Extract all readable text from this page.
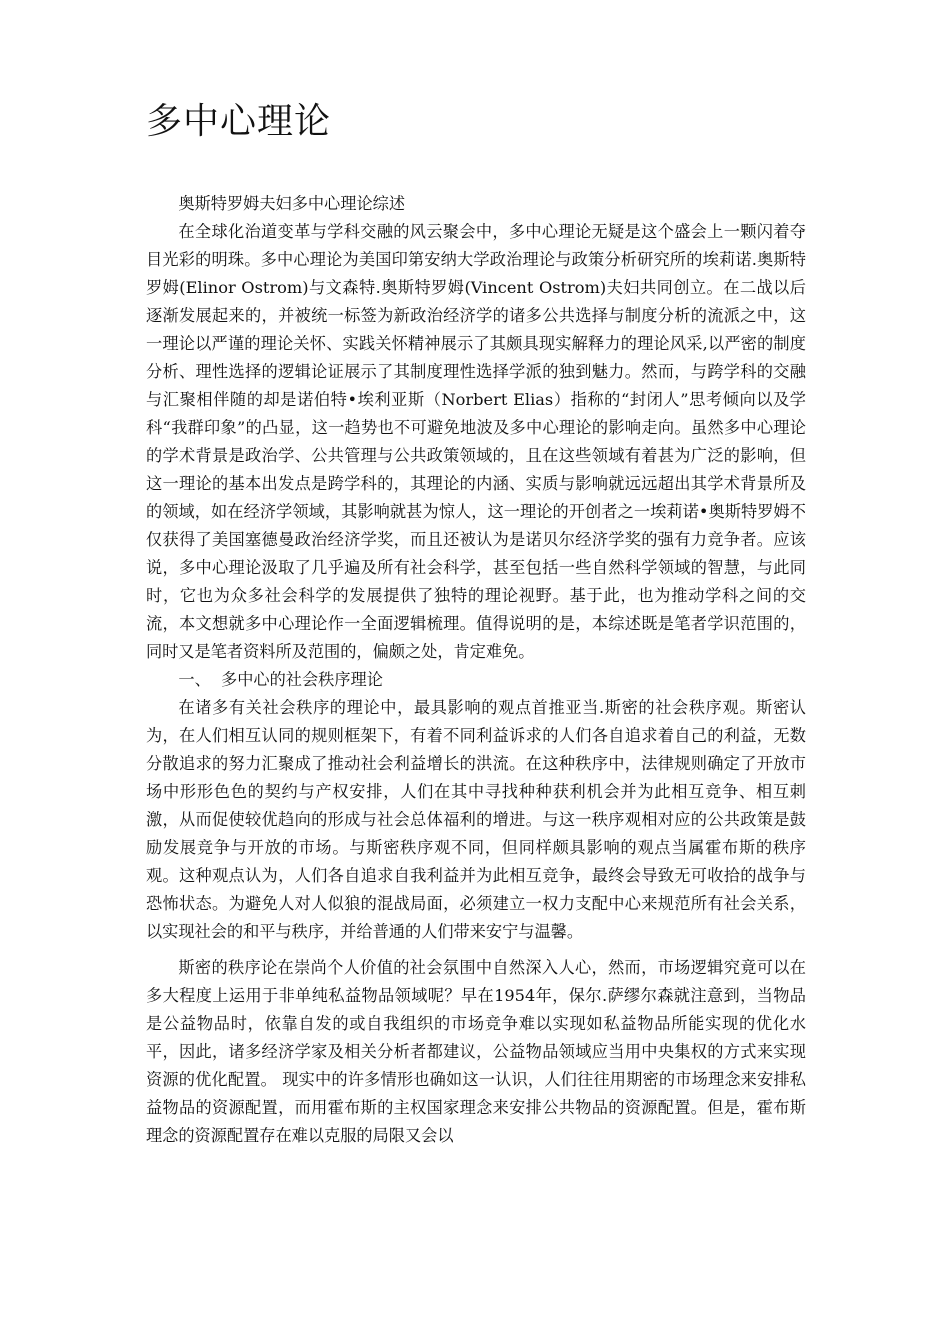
多中心理论

奥斯特罗姆夫妇多中心理论综述

在全球化治道变革与学科交融的风云聚会中，多中心理论无疑是这个盛会上一颗闪着夺目光彩的明珠。多中心理论为美国印第安纳大学政治理论与政策分析研究所的埃莉诺.奥斯特罗姆(Elinor Ostrom)与文森特.奥斯特罗姆(Vincent Ostrom)夫妇共同创立。在二战以后逐渐发展起来的，并被统一标签为新政治经济学的诸多公共选择与制度分析的流派之中，这一理论以严谨的理论关怀、实践关怀精神展示了其颇具现实解释力的理论风采,以严密的制度分析、理性选择的逻辑论证展示了其制度理性选择学派的独到魅力。然而，与跨学科的交融与汇聚相伴随的却是诺伯特•埃利亚斯（Norbert Elias）指称的“封闭人”思考倾向以及学科“我群印象”的凸显，这一趋势也不可避免地波及多中心理论的影响走向。虽然多中心理论的学术背景是政治学、公共管理与公共政策领域的，且在这些领域有着甚为广泛的影响，但这一理论的基本出发点是跨学科的，其理论的内涵、实质与影响就远远超出其学术背景所及的领域，如在经济学领域，其影响就甚为惊人，这一理论的开创者之一埃莉诺•奥斯特罗姆不仅获得了美国塞德曼政治经济学奖，而且还被认为是诺贝尔经济学奖的强有力竞争者。应该说，多中心理论汲取了几乎遍及所有社会科学，甚至包括一些自然科学领域的智慧，与此同时，它也为众多社会科学的发展提供了独特的理论视野。基于此，也为推动学科之间的交流，本文想就多中心理论作一全面逻辑梳理。值得说明的是，本综述既是笔者学识范围的，同时又是笔者资料所及范围的，偏颇之处，肯定难免。

一、  多中心的社会秩序理论

在诸多有关社会秩序的理论中，最具影响的观点首推亚当.斯密的社会秩序观。斯密认为，在人们相互认同的规则框架下，有着不同利益诉求的人们各自追求着自己的利益，无数分散追求的努力汇聚成了推动社会利益增长的洪流。在这种秩序中，法律规则确定了开放市场中形形色色的契约与产权安排，人们在其中寻找种种获利机会并为此相互竞争、相互刺激，从而促使较优趋向的形成与社会总体福利的增进。与这一秩序观相对应的公共政策是鼓励发展竞争与开放的市场。与斯密秩序观不同，但同样颇具影响的观点当属霍布斯的秩序观。这种观点认为，人们各自追求自我利益并为此相互竞争，最终会导致无可收拾的战争与恐怖状态。为避免人对人似狼的混战局面，必须建立一权力支配中心来规范所有社会关系，以实现社会的和平与秩序，并给普通的人们带来安宁与温馨。

斯密的秩序论在崇尚个人价值的社会氛围中自然深入人心，然而，市场逻辑究竟可以在多大程度上运用于非单纯私益物品领域呢？早在1954年，保尔.萨缪尔森就注意到，当物品是公益物品时，依靠自发的或自我组织的市场竞争难以实现如私益物品所能实现的优化水平，因此，诸多经济学家及相关分析者都建议，公益物品领域应当用中央集权的方式来实现资源的优化配置。 现实中的许多情形也确如这一认识，人们往往用期密的市场理念来安排私益物品的资源配置，而用霍布斯的主权国家理念来安排公共物品的资源配置。但是，霍布斯理念的资源配置存在难以克服的局限又会以
